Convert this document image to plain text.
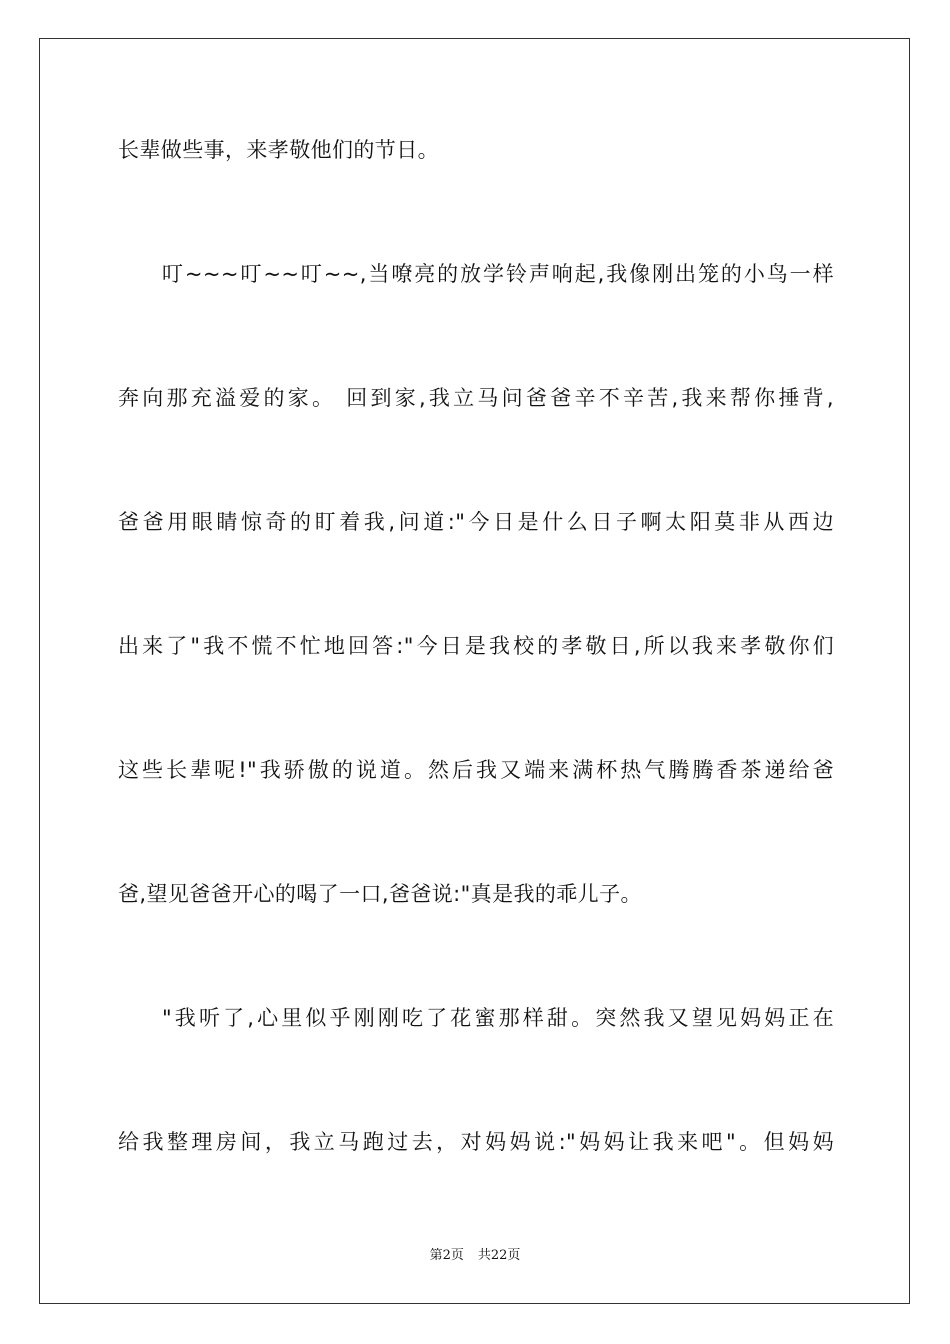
长辈做些事，来孝敬他们的节日。
叮~~~叮~~叮~~,当嘹亮的放学铃声响起,我像刚出笼的小鸟一样
奔向那充溢爱的家。 回到家,我立马问爸爸辛不辛苦,我来帮你捶背,
爸爸用眼睛惊奇的盯着我,问道:"今日是什么日子啊太阳莫非从西边
出来了"我不慌不忙地回答:"今日是我校的孝敬日,所以我来孝敬你们
这些长辈呢!"我骄傲的说道。然后我又端来满杯热气腾腾香茶递给爸
爸,望见爸爸开心的喝了一口,爸爸说:"真是我的乖儿子。
"我听了,心里似乎刚刚吃了花蜜那样甜。突然我又望见妈妈正在
给我整理房间，我立马跑过去，对妈妈说:"妈妈让我来吧"。但妈妈
第2页 共22页
